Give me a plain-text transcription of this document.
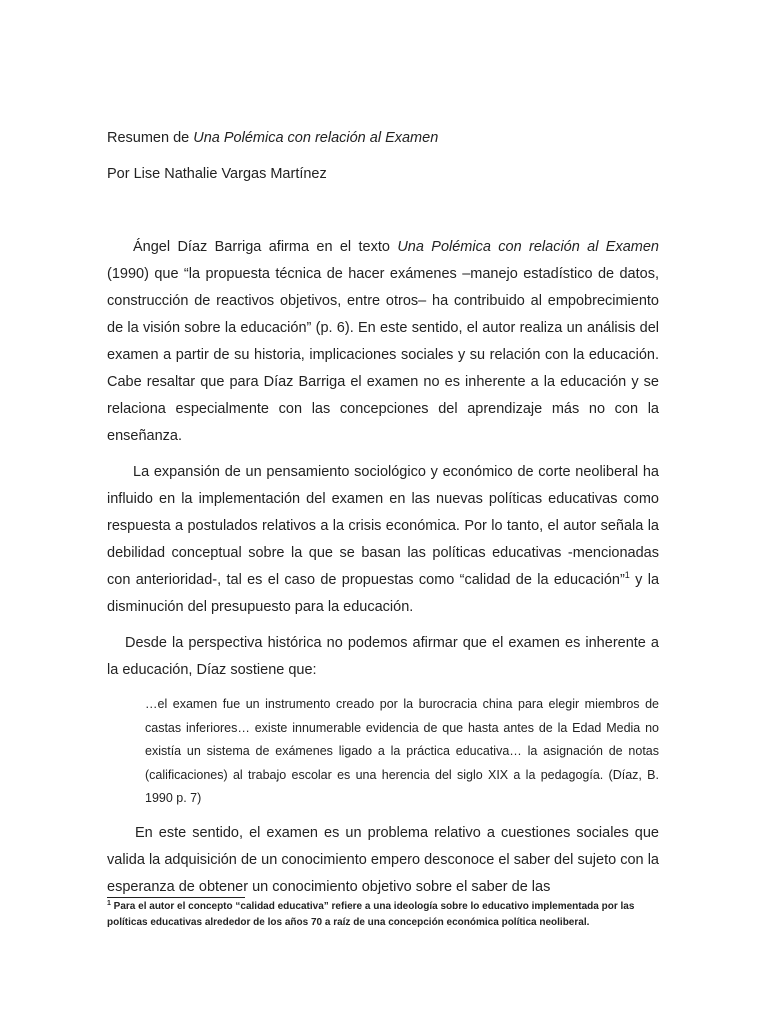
Resumen de Una Polémica con relación al Examen
Por Lise Nathalie Vargas Martínez

Ángel Díaz Barriga afirma en el texto Una Polémica con relación al Examen (1990) que “la propuesta técnica de hacer exámenes –manejo estadístico de datos, construcción de reactivos objetivos, entre otros– ha contribuido al empobrecimiento de la visión sobre la educación” (p. 6). En este sentido, el autor realiza un análisis del examen a partir de su historia, implicaciones sociales y su relación con la educación. Cabe resaltar que para Díaz Barriga el examen no es inherente a la educación y se relaciona especialmente con las concepciones del aprendizaje más no con la enseñanza.

La expansión de un pensamiento sociológico y económico de corte neoliberal ha influido en la implementación del examen en las nuevas políticas educativas como respuesta a postulados relativos a la crisis económica. Por lo tanto, el autor señala la debilidad conceptual sobre la que se basan las políticas educativas -mencionadas con anterioridad-, tal es el caso de propuestas como “calidad de la educación”$^1$ y la disminución del presupuesto para la educación.

Desde la perspectiva histórica no podemos afirmar que el examen es inherente a la educación, Díaz sostiene que:

…el examen fue un instrumento creado por la burocracia china para elegir miembros de castas inferiores… existe innumerable evidencia de que hasta antes de la Edad Media no existía un sistema de exámenes ligado a la práctica educativa… la asignación de notas (calificaciones) al trabajo escolar es una herencia del siglo XIX a la pedagogía. (Díaz, B. 1990 p. 7)

En este sentido, el examen es un problema relativo a cuestiones sociales que valida la adquisición de un conocimiento empero desconoce el saber del sujeto con la esperanza de obtener un conocimiento objetivo sobre el saber de las

$^1$ Para el autor el concepto “calidad educativa” refiere a una ideología sobre lo educativo implementada por las políticas educativas alrededor de los años 70 a raíz de una concepción económica política neoliberal.
